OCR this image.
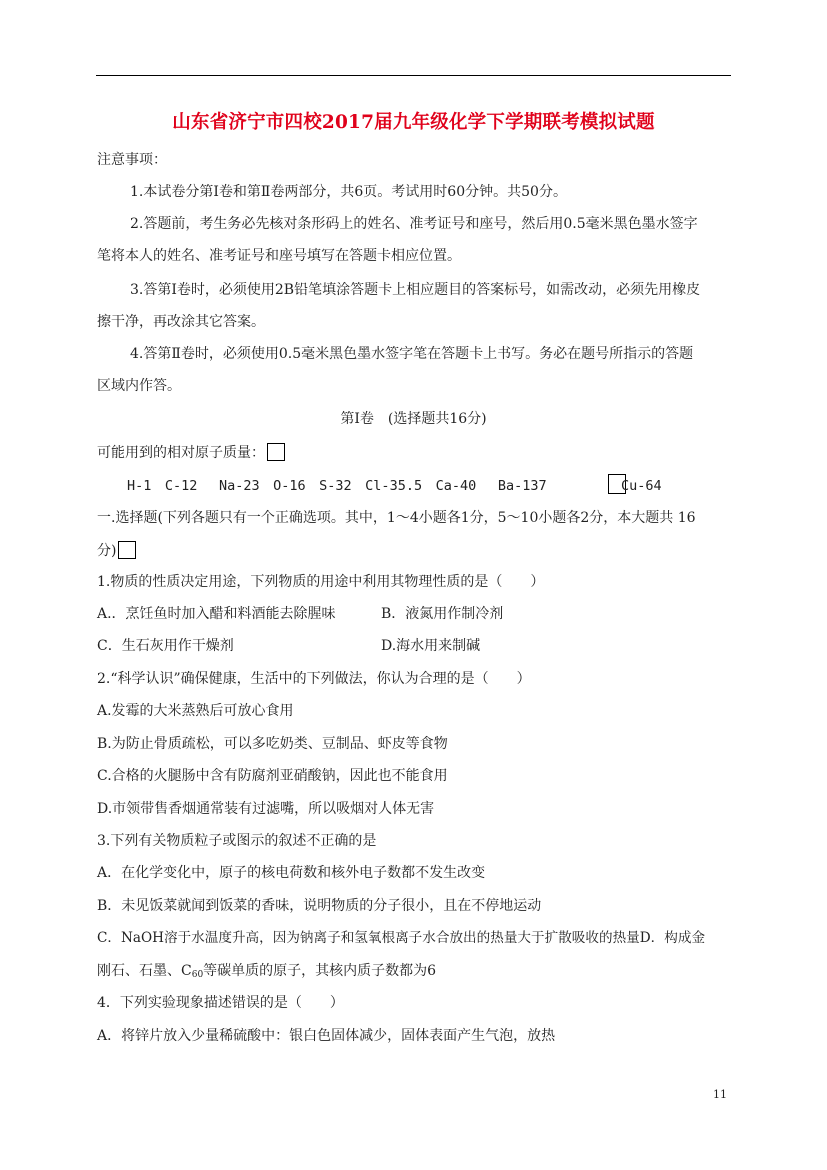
山东省济宁市四校2017届九年级化学下学期联考模拟试题
注意事项：
1.本试卷分第Ⅰ卷和第Ⅱ卷两部分，共6页。考试用时60分钟。共50分。
2.答题前，考生务必先核对条形码上的姓名、准考证号和座号，然后用0.5毫米黑色墨水签字
笔将本人的姓名、准考证号和座号填写在答题卡相应位置。
3.答第Ⅰ卷时，必须使用2B铅笔填涂答题卡上相应题目的答案标号，如需改动，必须先用橡皮
擦干净，再改涂其它答案。
4.答第Ⅱ卷时，必须使用0.5毫米黑色墨水签字笔在答题卡上书写。务必在题号所指示的答题
区域内作答。
第Ⅰ卷　(选择题共16分)
可能用到的相对原子质量：
H-1　C-12　 Na-23　O-16　S-32　Cl-35.5　Ca-40　 Ba-137	Cu-64
一.选择题(下列各题只有一个正确选项。其中，1～4小题各1分，5～10小题各2分，本大题共 16
分)
1.物质的性质决定用途，下列物质的用途中利用其物理性质的是（　　）
A.．烹饪鱼时加入醋和料酒能去除腥味	B．液氮用作制冷剂
C．生石灰用作干燥剂	D.海水用来制碱
2.“科学认识”确保健康，生活中的下列做法，你认为合理的是（　　）
A.发霉的大米蒸熟后可放心食用
B.为防止骨质疏松，可以多吃奶类、豆制品、虾皮等食物
C.合格的火腿肠中含有防腐剂亚硝酸钠，因此也不能食用
D.市领带售香烟通常装有过滤嘴，所以吸烟对人体无害
3.下列有关物质粒子或图示的叙述不正确的是
A．在化学变化中，原子的核电荷数和核外电子数都不发生改变
B．未见饭菜就闻到饭菜的香味，说明物质的分子很小，且在不停地运动
C．NaOH溶于水温度升高，因为钠离子和氢氧根离子水合放出的热量大于扩散吸收的热量D．构成金
刚石、石墨、$C_{60}$等碳单质的原子，其核内质子数都为6
4．下列实验现象描述错误的是（　　）
A．将锌片放入少量稀硫酸中：银白色固体减少，固体表面产生气泡，放热
11
